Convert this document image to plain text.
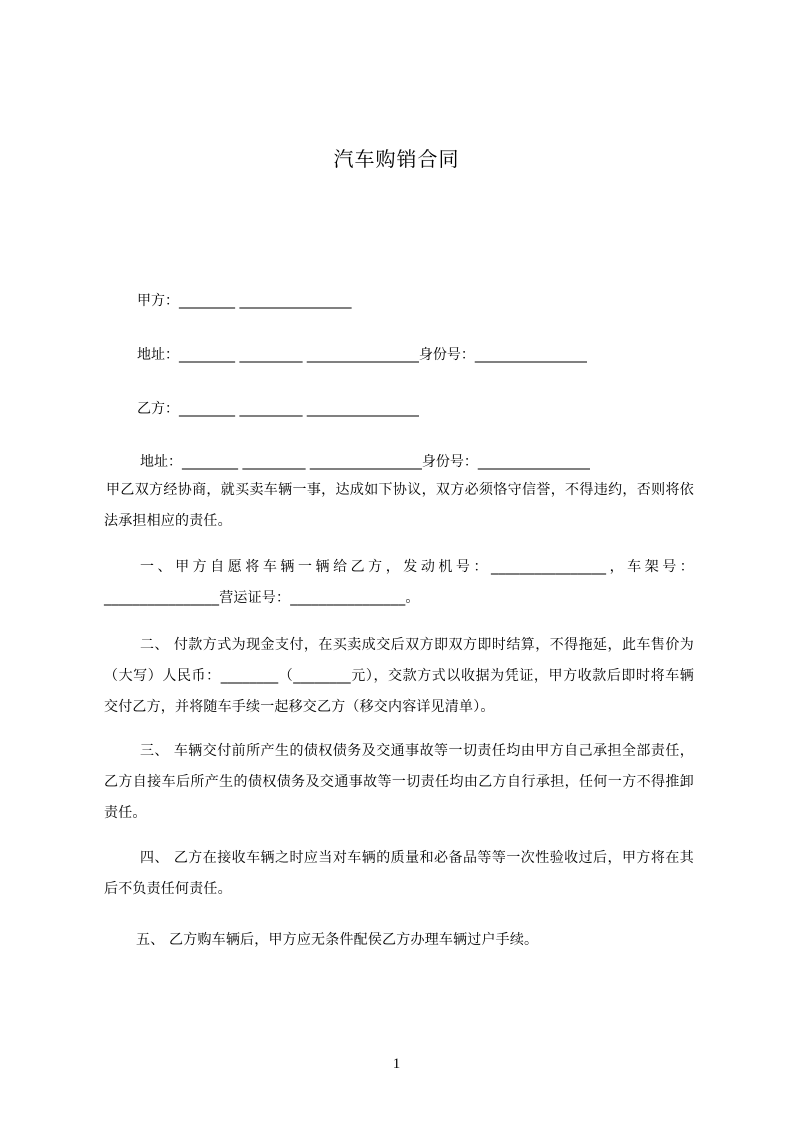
汽车购销合同
甲方：________ ________________
地址：________ _________ ________________身份号：________________
乙方：________ _________ ________________
地址：________ _________ ________________身份号：________________
甲乙双方经协商，就买卖车辆一事，达成如下协议，双方必须恪守信誉，不得违约，否则将依法承担相应的责任。
一、甲方自愿将车辆一辆给乙方，发动机号：________________，车架号：________________营运证号：________________。
二、 付款方式为现金支付，在买卖成交后双方即双方即时结算，不得拖延，此车售价为（大写）人民币：________（________元），交款方式以收据为凭证，甲方收款后即时将车辆交付乙方，并将随车手续一起移交乙方（移交内容详见清单）。
三、 车辆交付前所产生的债权债务及交通事故等一切责任均由甲方自己承担全部责任，乙方自接车后所产生的债权债务及交通事故等一切责任均由乙方自行承担，任何一方不得推卸责任。
四、 乙方在接收车辆之时应当对车辆的质量和必备品等等一次性验收过后，甲方将在其后不负责任何责任。
五、 乙方购车辆后，甲方应无条件配侯乙方办理车辆过户手续。
1
